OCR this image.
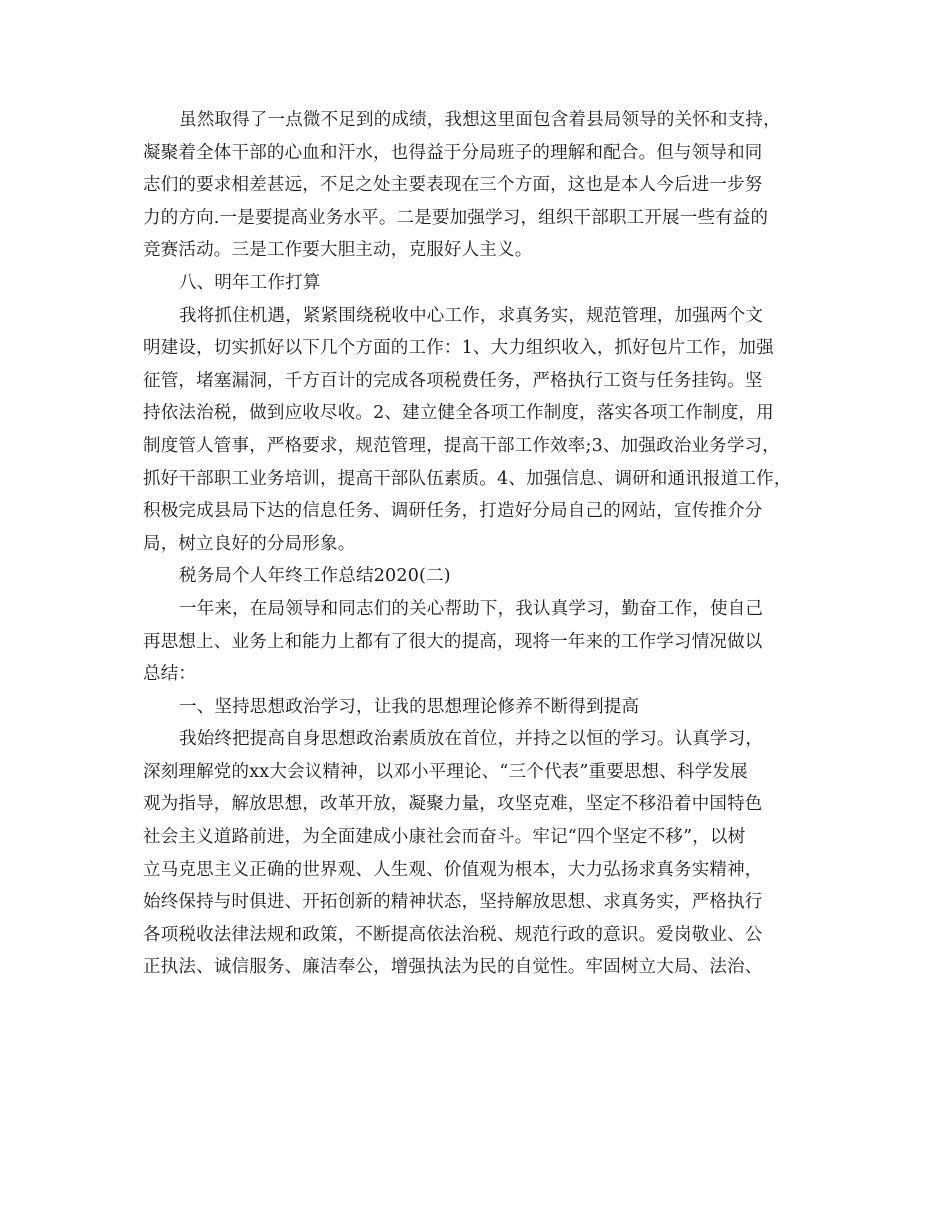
虽然取得了一点微不足到的成绩，我想这里面包含着县局领导的关怀和支持，
凝聚着全体干部的心血和汗水，也得益于分局班子的理解和配合。但与领导和同
志们的要求相差甚远，不足之处主要表现在三个方面，这也是本人今后进一步努
力的方向.一是要提高业务水平。二是要加强学习，组织干部职工开展一些有益的
竞赛活动。三是工作要大胆主动，克服好人主义。
八、明年工作打算
我将抓住机遇，紧紧围绕税收中心工作，求真务实，规范管理，加强两个文
明建设，切实抓好以下几个方面的工作：1、大力组织收入，抓好包片工作，加强
征管，堵塞漏洞，千方百计的完成各项税费任务，严格执行工资与任务挂钩。坚
持依法治税，做到应收尽收。2、建立健全各项工作制度，落实各项工作制度，用
制度管人管事，严格要求，规范管理，提高干部工作效率;3、加强政治业务学习，
抓好干部职工业务培训，提高干部队伍素质。4、加强信息、调研和通讯报道工作，
积极完成县局下达的信息任务、调研任务，打造好分局自己的网站，宣传推介分
局，树立良好的分局形象。
税务局个人年终工作总结2020(二)
一年来，在局领导和同志们的关心帮助下，我认真学习，勤奋工作，使自己
再思想上、业务上和能力上都有了很大的提高，现将一年来的工作学习情况做以
总结：
一、坚持思想政治学习，让我的思想理论修养不断得到提高
我始终把提高自身思想政治素质放在首位，并持之以恒的学习。认真学习，
深刻理解党的xx大会议精神，以邓小平理论、“三个代表”重要思想、科学发展
观为指导，解放思想，改革开放，凝聚力量，攻坚克难，坚定不移沿着中国特色
社会主义道路前进，为全面建成小康社会而奋斗。牢记“四个坚定不移”，以树
立马克思主义正确的世界观、人生观、价值观为根本，大力弘扬求真务实精神，
始终保持与时俱进、开拓创新的精神状态，坚持解放思想、求真务实，严格执行
各项税收法律法规和政策，不断提高依法治税、规范行政的意识。爱岗敬业、公
正执法、诚信服务、廉洁奉公，增强执法为民的自觉性。牢固树立大局、法治、
